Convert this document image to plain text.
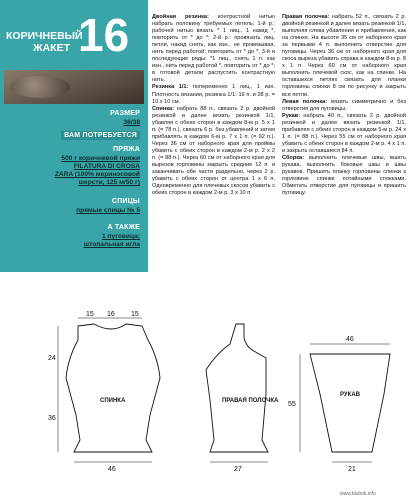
КОРИЧНЕВЫЙ ЖАКЕТ 16
РАЗМЕР
36/38
ВАМ ПОТРЕБУЕТСЯ
ПРЯЖА
500 г коричневой пряжи FILATURA DI CROSA ZARA (100% мериносовой шерсти, 125 м/50 г)
СПИЦЫ
прямые спицы № 5
А ТАКЖЕ
1 пуговица; штопальная игла

Двойная резинка: контрастной нитью набрать половину требуемых петель; 1-й р.: рабочей нитью вязать * 1 лиц., 1 накид *, повторить от * до *; 2-й р.: провязать лиц. петли, накид снять, как изн., не провязывая, нить перед работой; повторить от * до *; 3-й и последующие ряды: *1 лиц., снять 1 п. как изн., нить перед работой *, повторить от * до *; в готовой детали распустить контрастную нить.

Резинка 1/1: попеременно 1 лиц., 1 изн. Плотность вязания, резинка 1/1: 19 п. и 28 р. = 10 х 10 см.

Спинка: набрать 88 п., связать 2 р. двойной резинкой и далее вязать резинкой 1/1, убавляя с обеих сторон в каждом 8-м р. 5 х 1 п. (= 78 п.), связать 6 р. без убавлений и затем прибавлять в каждом 6-м р. 7 х 1 п. (= 92 п.). Через 36 см от наборного края для проймы убавить с обеих сторон в каждом 2-м р. 2 х 2 п. (= 88 п.). Через 60 см от наборного края для вырезов горловины закрыть средние 12 п. и заканчивать обе части раздельно, через 2 р. убавить с обеих сторон от центра 1 х 6 п. Одновременно для плечевых скосов убавить с обеих сторон в каждом 2-м р. 3 х 10 п.

Правая полочка: набрать 52 п., связать 2 р. двойной резинкой и далее вязать резинкой 1/1, выполняя слева убавления и прибавления, как на спинке. На высоте 35 см от наборного края за первыми 4 п. выполнить отверстие для пуговицы. Через 36 см от наборного края для скоса выреза убавить справа в каждом 8-м р. 8 х 1 п. Через 60 см от наборного края выполнить плечевой скос, как на спинке. На оставшихся петлях связать для планки горловины спинки 8 см по рисунку и закрыть все петли.

Левая полочка: вязать симметрично и без отверстия для пуговицы.

Рукав: набрать 40 п., связать 2 р. двойной резинкой и далее вязать резинкой 1/1, прибавляя с обеих сторон в каждом 5-м р. 24 х 1 п. (= 88 п.). Через 55 см от наборного края убавить с обеих сторон в каждом 2-м р. 4 х 1 п. и закрыть оставшиеся 84 п.

Сборка: выполнить плечевые швы, вшить рукава, выполнить боковые швы и швы рукавов. Пришить планку горловины спинки к горловине спинки потайными стежками. Обметать отверстие для пуговицы и пришить пуговицу.

15 16 15
24
36
46
СПИНКА
27
ПРАВАЯ ПОЛОЧКА
46
55
21
РУКАВ
www.klubok.info
